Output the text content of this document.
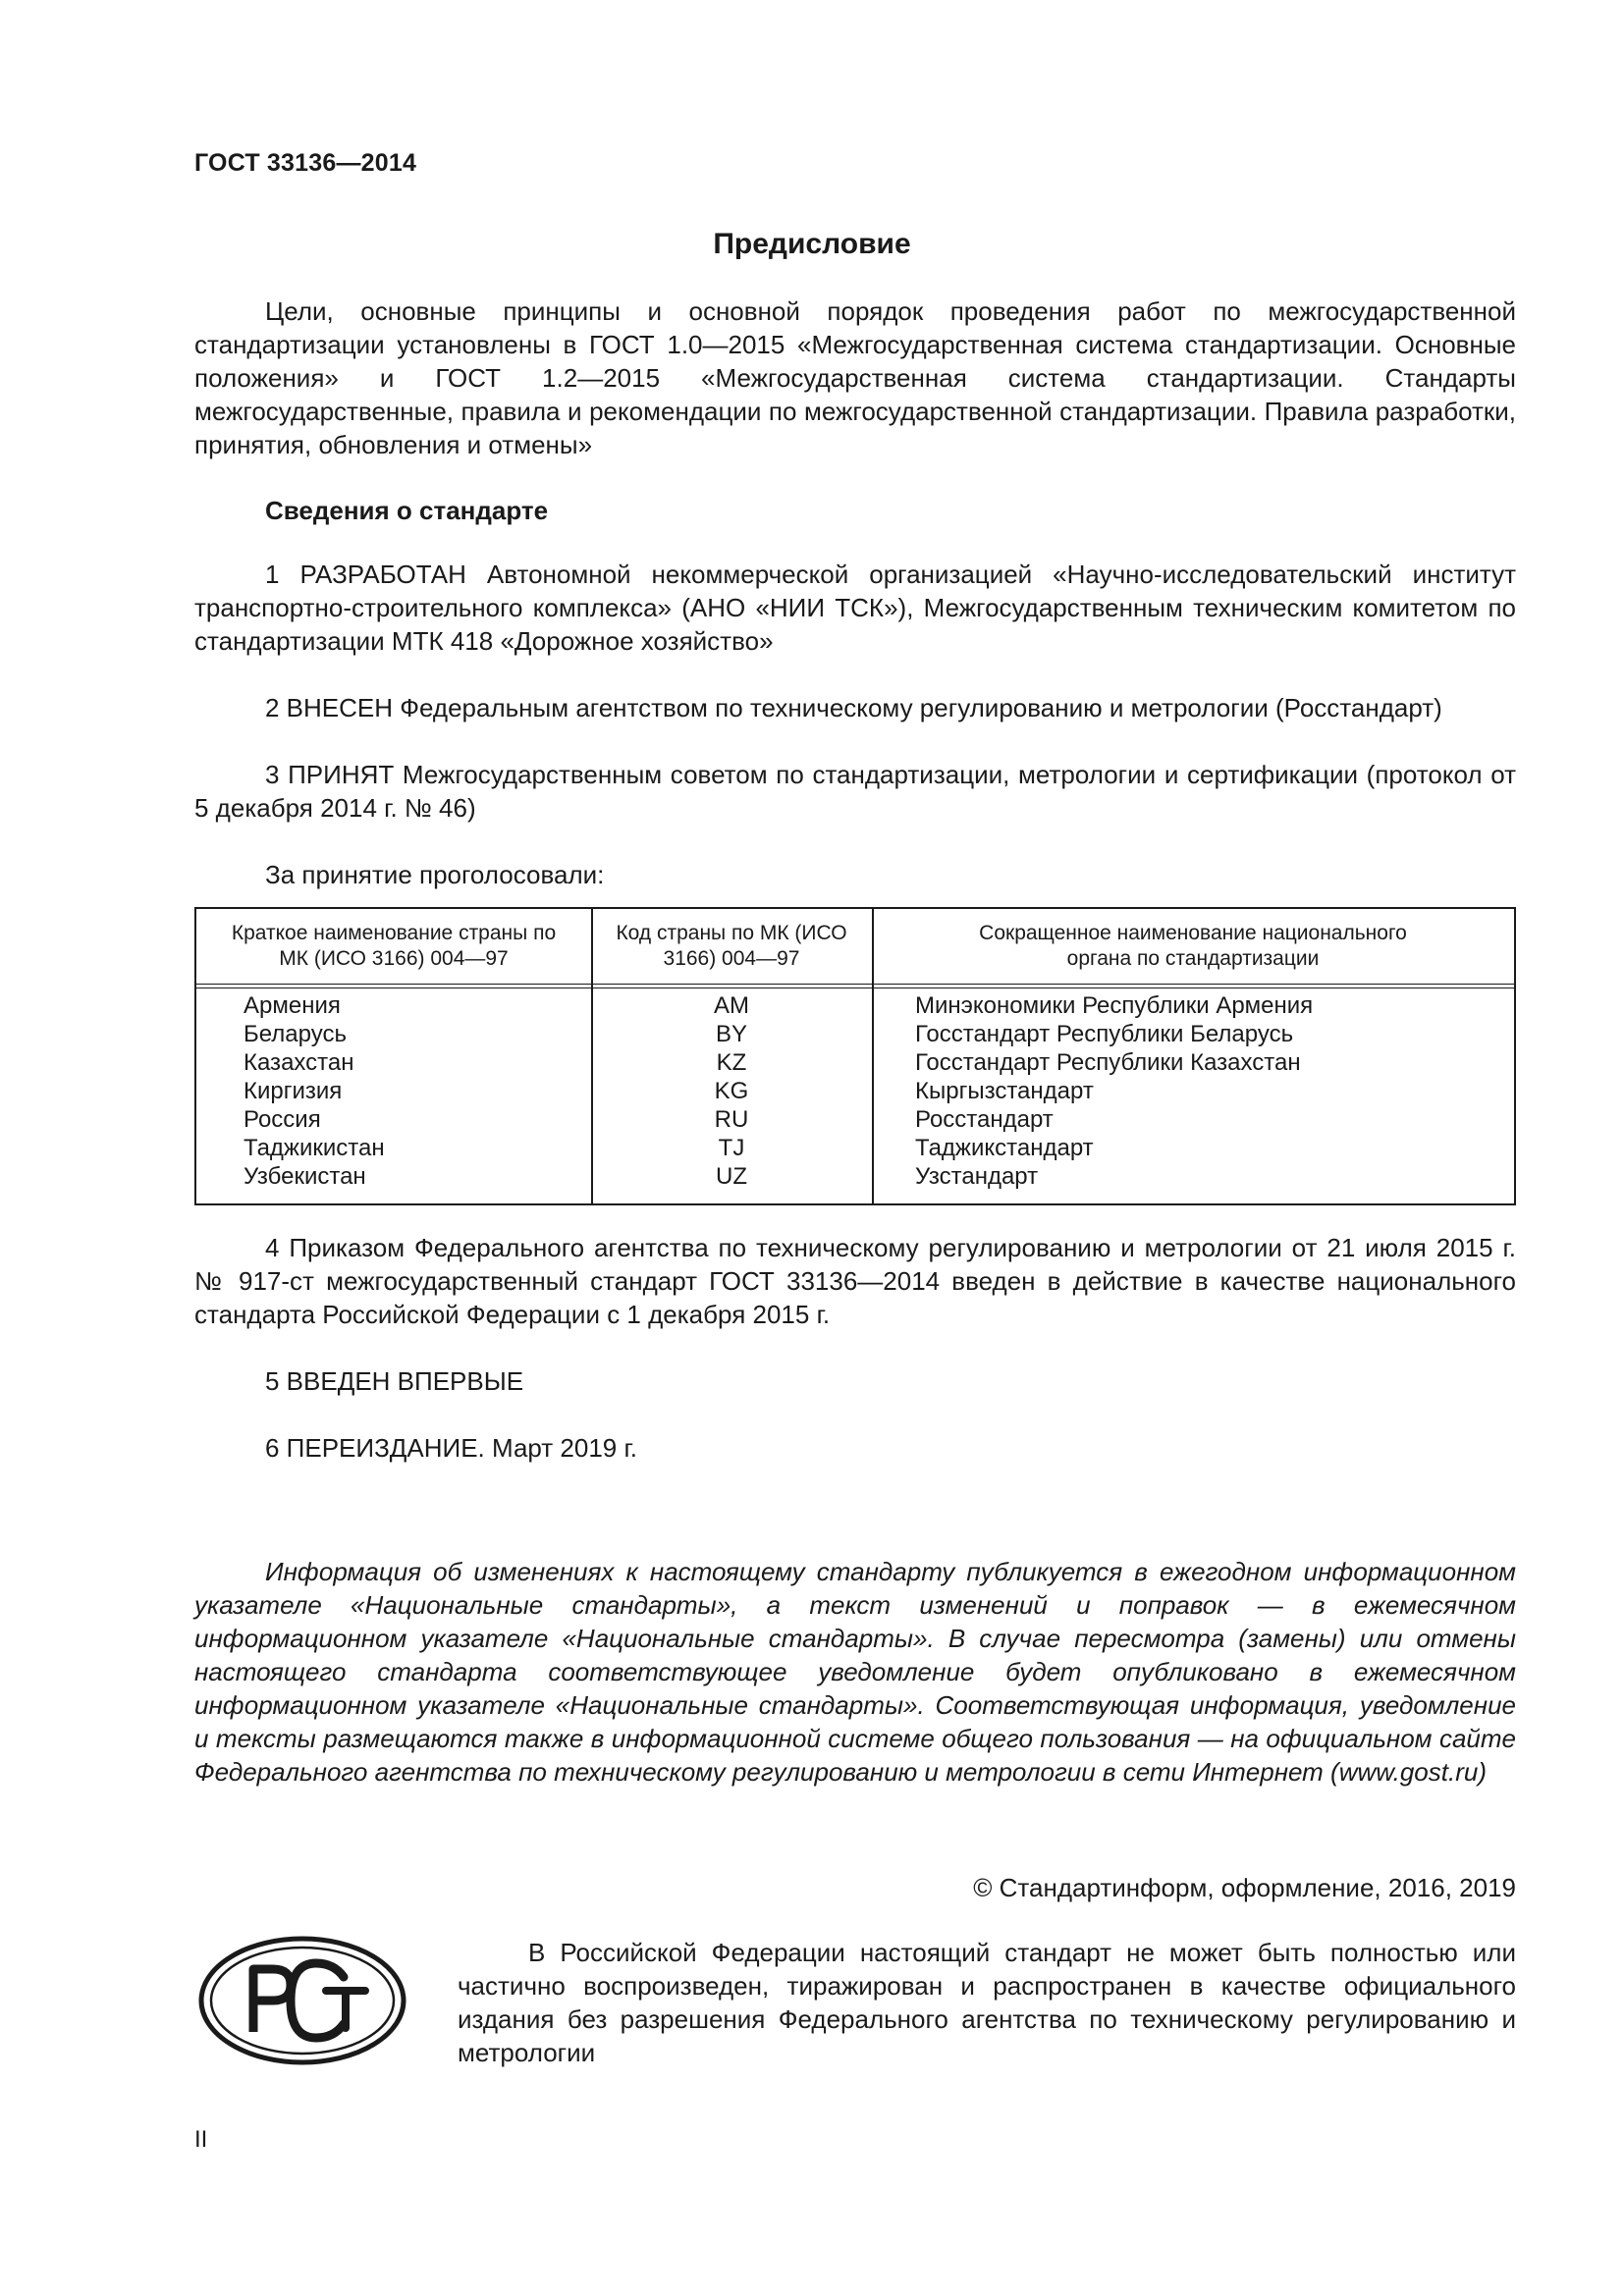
ГОСТ 33136—2014
Предисловие

Цели, основные принципы и основной порядок проведения работ по межгосударственной стандартизации установлены в ГОСТ 1.0—2015 «Межгосударственная система стандартизации. Основные положения» и ГОСТ 1.2—2015 «Межгосударственная система стандартизации. Стандарты межгосударственные, правила и рекомендации по межгосударственной стандартизации. Правила разработки, принятия, обновления и отмены»

Сведения о стандарте

1 РАЗРАБОТАН Автономной некоммерческой организацией «Научно-исследовательский институт транспортно-строительного комплекса» (АНО «НИИ ТСК»), Межгосударственным техническим комитетом по стандартизации МТК 418 «Дорожное хозяйство»

2 ВНЕСЕН Федеральным агентством по техническому регулированию и метрологии (Росстандарт)

3 ПРИНЯТ Межгосударственным советом по стандартизации, метрологии и сертификации (протокол от 5 декабря 2014 г. № 46)

За принятие проголосовали:

Краткое наименование страны по МК (ИСО 3166) 004—97
Код страны по МК (ИСО 3166) 004—97
Сокращенное наименование национального органа по стандартизации
Армения
Беларусь
Казахстан
Киргизия
Россия
Таджикистан
Узбекистан
AM
BY
KZ
KG
RU
TJ
UZ
Минэкономики Республики Армения
Госстандарт Республики Беларусь
Госстандарт Республики Казахстан
Кыргызстандарт
Росстандарт
Таджикстандарт
Узстандарт

4 Приказом Федерального агентства по техническому регулированию и метрологии от 21 июля 2015 г. № 917-ст межгосударственный стандарт ГОСТ 33136—2014 введен в действие в качестве национального стандарта Российской Федерации с 1 декабря 2015 г.

5 ВВЕДЕН ВПЕРВЫЕ

6 ПЕРЕИЗДАНИЕ. Март 2019 г.

Информация об изменениях к настоящему стандарту публикуется в ежегодном информационном указателе «Национальные стандарты», а текст изменений и поправок — в ежемесячном информационном указателе «Национальные стандарты». В случае пересмотра (замены) или отмены настоящего стандарта соответствующее уведомление будет опубликовано в ежемесячном информационном указателе «Национальные стандарты». Соответствующая информация, уведомление и тексты размещаются также в информационной системе общего пользования — на официальном сайте Федерального агентства по техническому регулированию и метрологии в сети Интернет (www.gost.ru)

© Стандартинформ, оформление, 2016, 2019

В Российской Федерации настоящий стандарт не может быть полностью или частично воспроизведен, тиражирован и распространен в качестве официального издания без разрешения Федерального агентства по техническому регулированию и метрологии

II
